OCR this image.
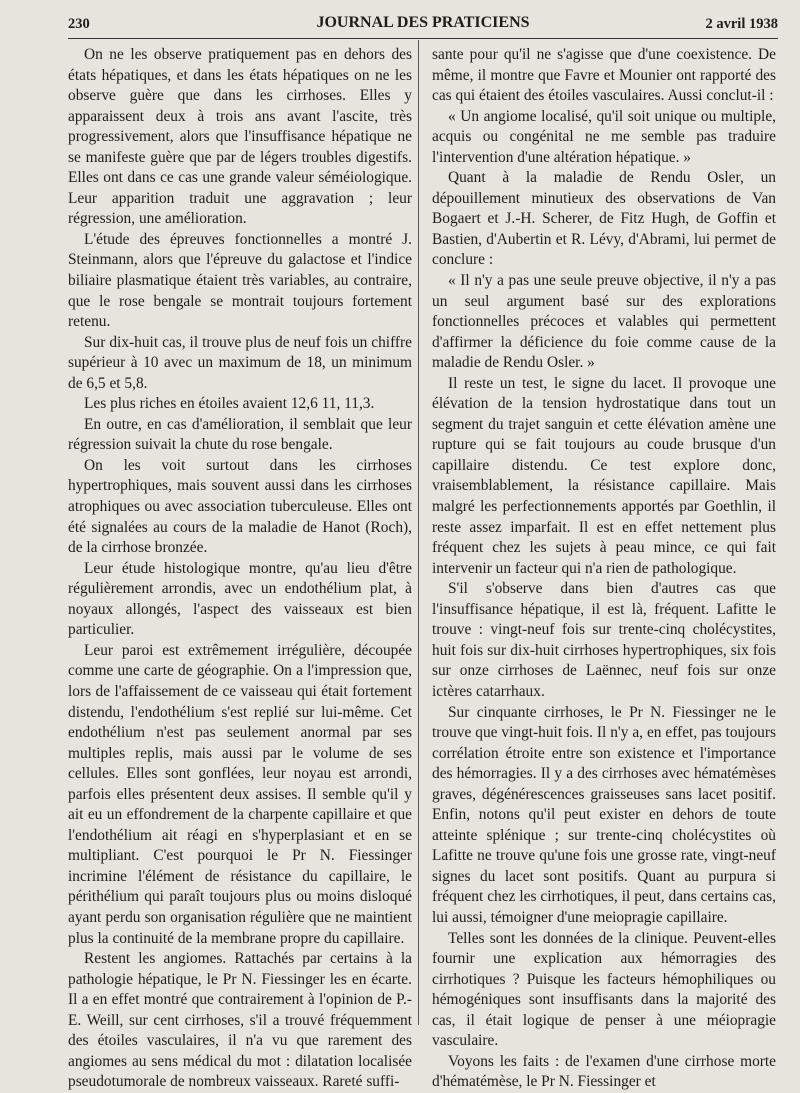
230	JOURNAL DES PRATICIENS	2 avril 1938

On ne les observe pratiquement pas en dehors des états hépatiques, et dans les états hépatiques on ne les observe guère que dans les cirrhoses. Elles y apparaissent deux à trois ans avant l'ascite, très progressivement, alors que l'insuffisance hépatique ne se manifeste guère que par de légers troubles digestifs. Elles ont dans ce cas une grande valeur séméiologique. Leur apparition traduit une aggravation ; leur régression, une amélioration.

L'étude des épreuves fonctionnelles a montré J. Steinmann, alors que l'épreuve du galactose et l'indice biliaire plasmatique étaient très variables, au contraire, que le rose bengale se montrait toujours fortement retenu.

Sur dix-huit cas, il trouve plus de neuf fois un chiffre supérieur à 10 avec un maximum de 18, un minimum de 6,5 et 5,8.

Les plus riches en étoiles avaient 12,6 11, 11,3.

En outre, en cas d'amélioration, il semblait que leur régression suivait la chute du rose bengale.

On les voit surtout dans les cirrhoses hypertrophiques, mais souvent aussi dans les cirrhoses atrophiques ou avec association tuberculeuse. Elles ont été signalées au cours de la maladie de Hanot (Roch), de la cirrhose bronzée.

Leur étude histologique montre, qu'au lieu d'être régulièrement arrondis, avec un endothélium plat, à noyaux allongés, l'aspect des vaisseaux est bien particulier.

Leur paroi est extrêmement irrégulière, découpée comme une carte de géographie. On a l'impression que, lors de l'affaissement de ce vaisseau qui était fortement distendu, l'endothélium s'est replié sur lui-même. Cet endothélium n'est pas seulement anormal par ses multiples replis, mais aussi par le volume de ses cellules. Elles sont gonflées, leur noyau est arrondi, parfois elles présentent deux assises. Il semble qu'il y ait eu un effondrement de la charpente capillaire et que l'endothélium ait réagi en s'hyperplasiant et en se multipliant. C'est pourquoi le Pr N. Fiessinger incrimine l'élément de résistance du capillaire, le périthélium qui paraît toujours plus ou moins disloqué ayant perdu son organisation régulière que ne maintient plus la continuité de la membrane propre du capillaire.

Restent les angiomes. Rattachés par certains à la pathologie hépatique, le Pr N. Fiessinger les en écarte. Il a en effet montré que contrairement à l'opinion de P.-E. Weill, sur cent cirrhoses, s'il a trouvé fréquemment des étoiles vasculaires, il n'a vu que rarement des angiomes au sens médical du mot : dilatation localisée pseudotumorale de nombreux vaisseaux. Rareté suffi-

sante pour qu'il ne s'agisse que d'une coexistence. De même, il montre que Favre et Mounier ont rapporté des cas qui étaient des étoiles vasculaires. Aussi conclut-il :

« Un angiome localisé, qu'il soit unique ou multiple, acquis ou congénital ne me semble pas traduire l'intervention d'une altération hépatique. »

Quant à la maladie de Rendu Osler, un dépouillement minutieux des observations de Van Bogaert et J.-H. Scherer, de Fitz Hugh, de Goffin et Bastien, d'Aubertin et R. Lévy, d'Abrami, lui permet de conclure :

« Il n'y a pas une seule preuve objective, il n'y a pas un seul argument basé sur des explorations fonctionnelles précoces et valables qui permettent d'affirmer la déficience du foie comme cause de la maladie de Rendu Osler. »

Il reste un test, le signe du lacet. Il provoque une élévation de la tension hydrostatique dans tout un segment du trajet sanguin et cette élévation amène une rupture qui se fait toujours au coude brusque d'un capillaire distendu. Ce test explore donc, vraisemblablement, la résistance capillaire. Mais malgré les perfectionnements apportés par Goethlin, il reste assez imparfait. Il est en effet nettement plus fréquent chez les sujets à peau mince, ce qui fait intervenir un facteur qui n'a rien de pathologique.

S'il s'observe dans bien d'autres cas que l'insuffisance hépatique, il est là, fréquent. Lafitte le trouve : vingt-neuf fois sur trente-cinq cholécystites, huit fois sur dix-huit cirrhoses hypertrophiques, six fois sur onze cirrhoses de Laënnec, neuf fois sur onze ictères catarrhaux.

Sur cinquante cirrhoses, le Pr N. Fiessinger ne le trouve que vingt-huit fois. Il n'y a, en effet, pas toujours corrélation étroite entre son existence et l'importance des hémorragies. Il y a des cirrhoses avec hématémèses graves, dégénérescences graisseuses sans lacet positif. Enfin, notons qu'il peut exister en dehors de toute atteinte splénique ; sur trente-cinq cholécystites où Lafitte ne trouve qu'une fois une grosse rate, vingt-neuf signes du lacet sont positifs. Quant au purpura si fréquent chez les cirrhotiques, il peut, dans certains cas, lui aussi, témoigner d'une meiopragie capillaire.

Telles sont les données de la clinique. Peuvent-elles fournir une explication aux hémorragies des cirrhotiques ? Puisque les facteurs hémophiliques ou hémogéniques sont insuffisants dans la majorité des cas, il était logique de penser à une méiopragie vasculaire.

Voyons les faits : de l'examen d'une cirrhose morte d'hématémèse, le Pr N. Fiessinger et
